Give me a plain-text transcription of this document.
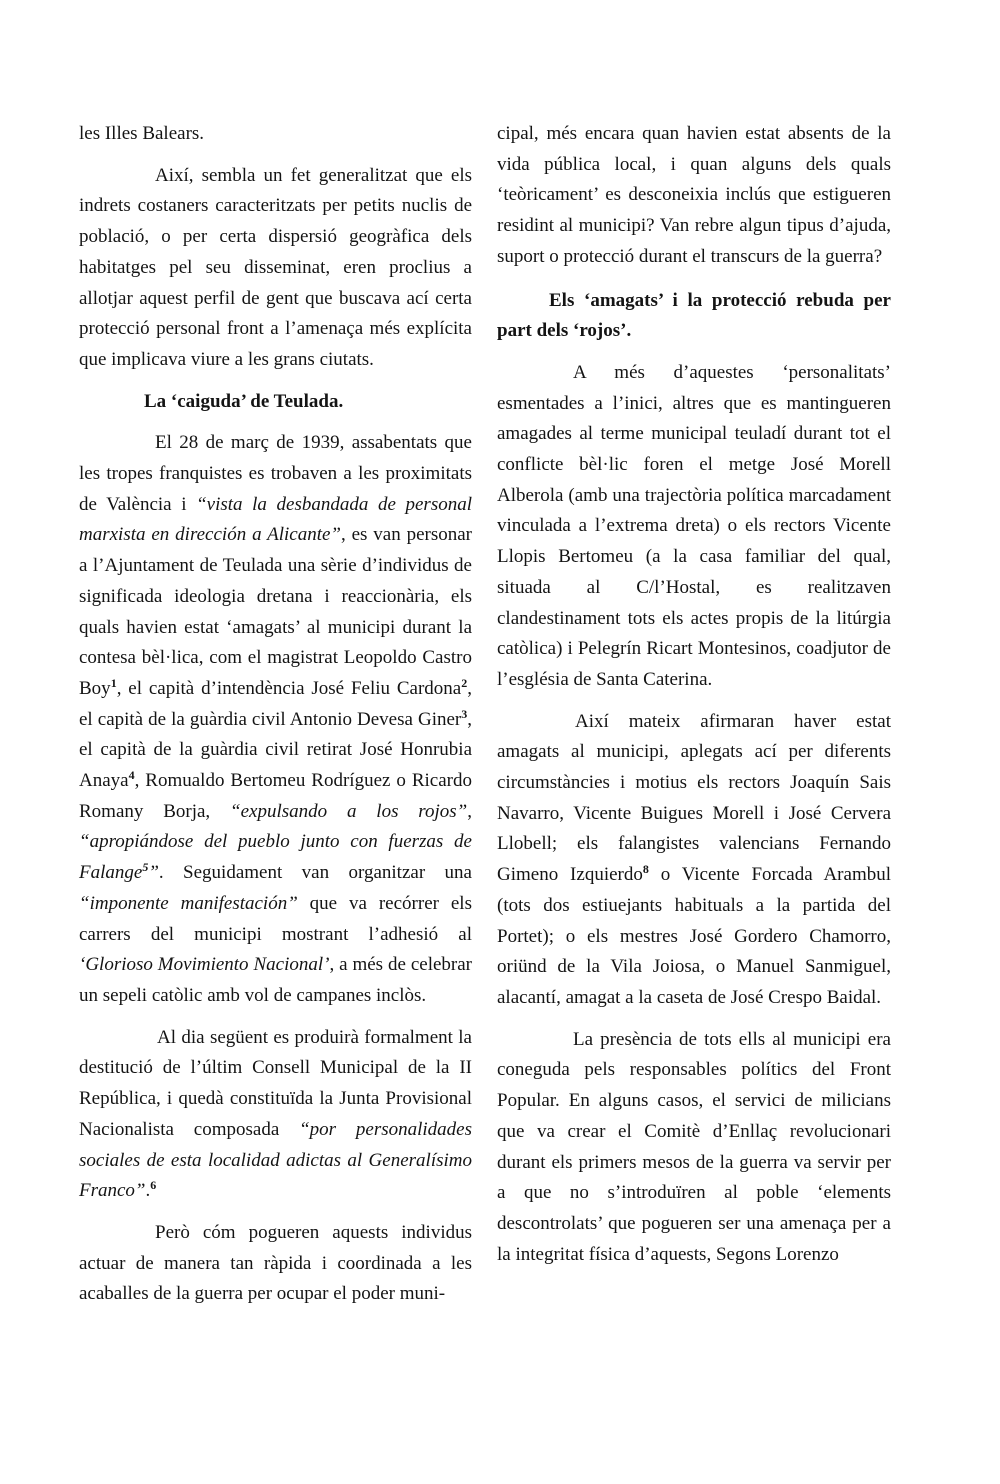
les Illes Balears.

Així, sembla un fet generalitzat que els indrets costaners caracteritzats per petits nuclis de població, o per certa dispersió geogràfica dels habitatges pel seu disseminat, eren proclius a allotjar aquest perfil de gent que buscava ací certa protecció personal front a l’amenaça més explícita que implicava viure a les grans ciutats.

La ‘caiguda’ de Teulada.

El 28 de març de 1939, assabentats que les tropes franquistes es trobaven a les proximitats de València i “vista la desbandada de personal marxista en dirección a Alicante”, es van personar a l’Ajuntament de Teulada una sèrie d’individus de significada ideologia dretana i reaccionària, els quals havien estat ‘amagats’ al municipi durant la contesa bèl·lica, com el magistrat Leopoldo Castro Boy$^1$, el capità d’intendència José Feliu Cardona$^2$, el capità de la guàrdia civil Antonio Devesa Giner$^3$, el capità de la guàrdia civil retirat José Honrubia Anaya$^4$, Romualdo Bertomeu Rodríguez o Ricardo Romany Borja, “expulsando a los rojos”, “apropiándose del pueblo junto con fuerzas de Falange$^5$”. Seguidament van organitzar una “imponente manifestación” que va recórrer els carrers del municipi mostrant l’adhesió al ‘Glorioso Movimiento Nacional’, a més de celebrar un sepeli catòlic amb vol de campanes inclòs.

Al dia següent es produirà formalment la destitució de l’últim Consell Municipal de la II República, i quedà constituïda la Junta Provisional Nacionalista composada “por personalidades sociales de esta localidad adictas al Generalísimo Franco”.$^6$

Però cóm pogueren aquests individus actuar de manera tan ràpida i coordinada a les acaballes de la guerra per ocupar el poder muni-

cipal, més encara quan havien estat absents de la vida pública local, i quan alguns dels quals ‘teòricament’ es desconeixia inclús que estigueren residint al municipi? Van rebre algun tipus d’ajuda, suport o protecció durant el transcurs de la guerra?

Els ‘amagats’ i la protecció rebuda per part dels ‘rojos’.

A més d’aquestes ‘personalitats’ esmentades a l’inici, altres que es mantingueren amagades al terme municipal teuladí durant tot el conflicte bèl·lic foren el metge José Morell Alberola (amb una trajectòria política marcadament vinculada a l’extrema dreta) o els rectors Vicente Llopis Bertomeu (a la casa familiar del qual, situada al C/l’Hostal, es realitzaven clandestinament tots els actes propis de la litúrgia catòlica) i Pelegrín Ricart Montesinos, coadjutor de l’església de Santa Caterina.

Així mateix afirmaran haver estat amagats al municipi, aplegats ací per diferents circumstàncies i motius els rectors Joaquín Sais Navarro, Vicente Buigues Morell i José Cervera Llobell; els falangistes valencians Fernando Gimeno Izquierdo$^8$ o Vicente Forcada Arambul (tots dos estiuejants habituals a la partida del Portet); o els mestres José Gordero Chamorro, oriünd de la Vila Joiosa, o Manuel Sanmiguel, alacantí, amagat a la caseta de José Crespo Baidal.

La presència de tots ells al municipi era coneguda pels responsables polítics del Front Popular. En alguns casos, el servici de milicians que va crear el Comitè d’Enllaç revolucionari durant els primers mesos de la guerra va servir per a que no s’introduïren al poble ‘elements descontrolats’ que pogueren ser una amenaça per a la integritat física d’aquests, Segons Lorenzo
